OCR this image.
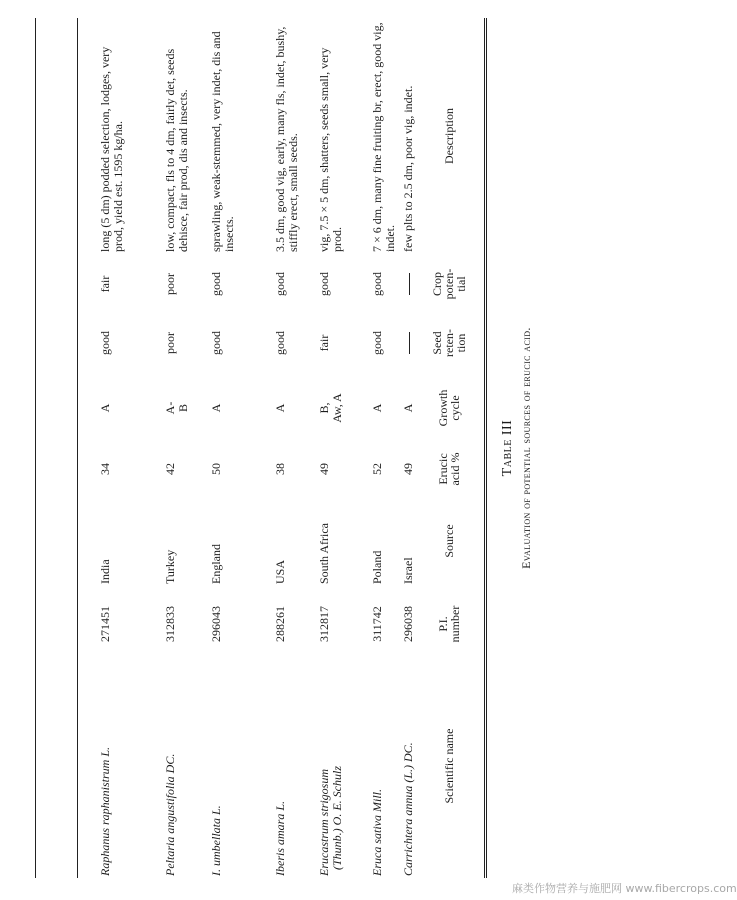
Table III Evaluation of potential sources of erucic acid.
Scientific name
P.I.
number
Source
Erucic
acid %
Growth
cycle
Seed
reten-
tion
Crop
poten-
tial
Description
Carrichtera annua (L.) DC.
296038
Israel
49
A
few plts to 2.5 dm, poor vig, indet.
Eruca sativa Mill.
311742
Poland
52
A
good
good
7 × 6 dm, many fine fruiting br, erect, good vig, indet.
Erucastrum strigosum
(Thunb.) O. E. Schulz
312817
South Africa
49
B,
Aw, A
fair
good
vig, 7.5 × 5 dm, shatters, seeds small, very prod.
Iberis amara L.
288261
USA
38
A
good
good
3.5 dm, good vig, early, many fls, indet, bushy, stiffly erect, small seeds.
I. umbellata L.
296043
England
50
A
good
good
sprawling, weak-stemmed, very indet, dis and insects.
Peltaria angustifolia DC.
312833
Turkey
42
A-
B
poor
poor
low, compact, fls to 4 dm, fairly det, seeds dehisce, fair prod, dis and insects.
Raphanus raphanistrum L.
271451
India
34
A
good
fair
long (5 dm) podded selection, lodges, very prod, yield est. 1595 kg/ha.
麻类作物营养与施肥网 www.fibercrops.com
